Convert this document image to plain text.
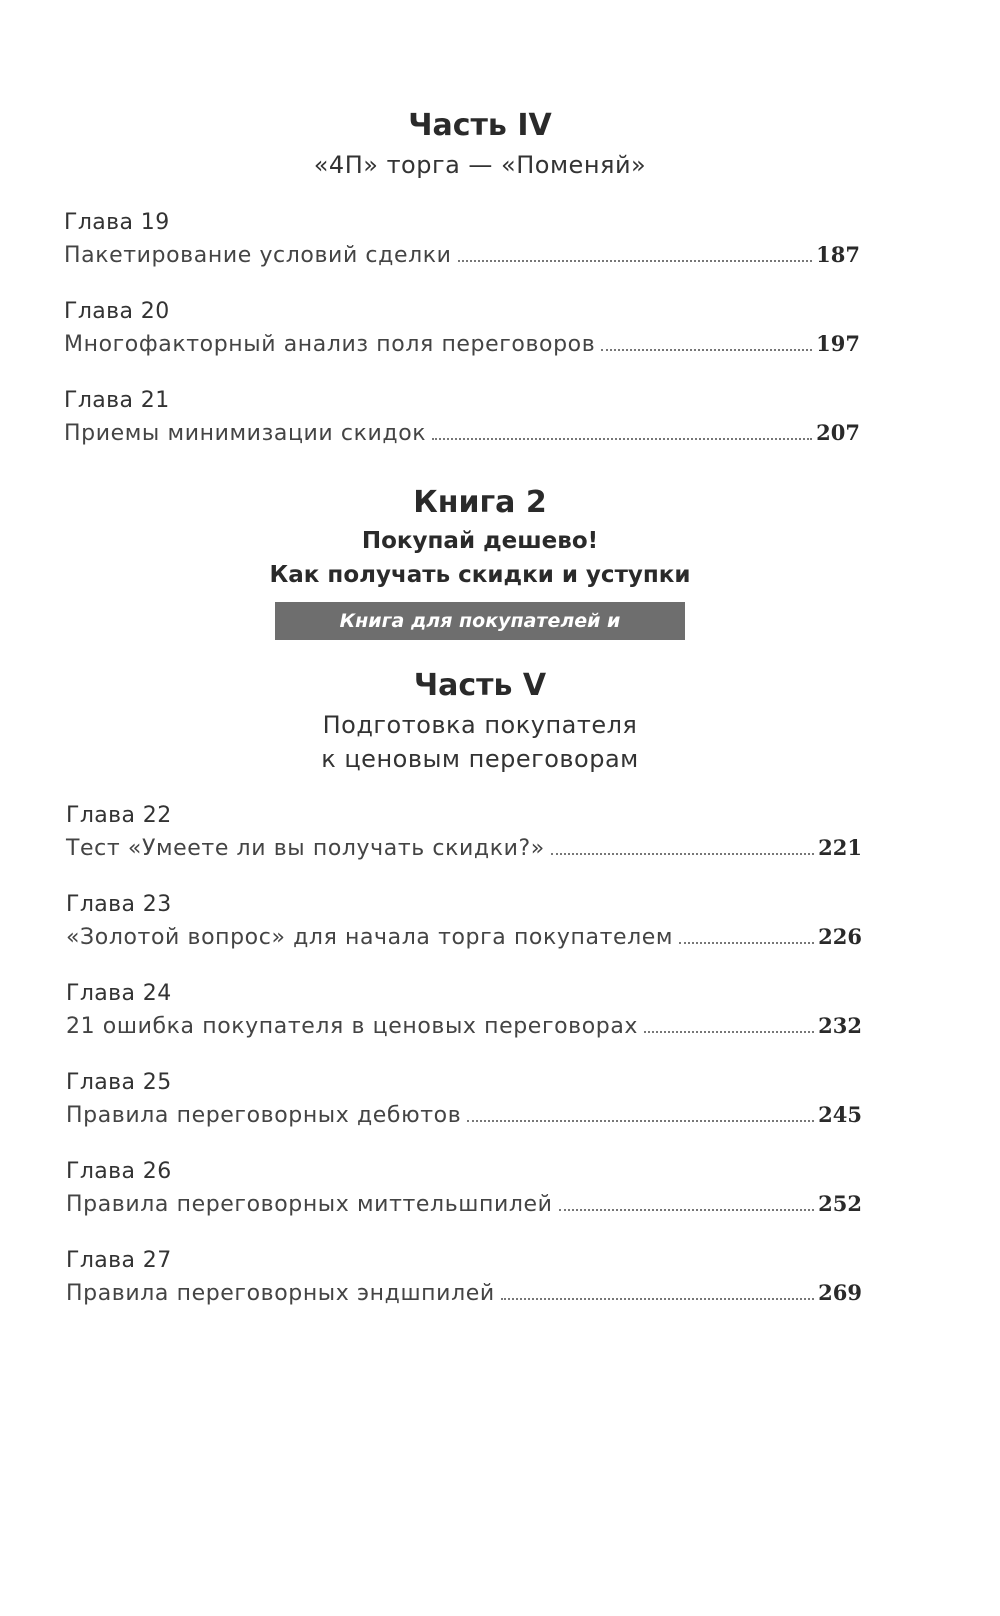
Часть IV
«4П» торга — «Поменяй»
Глава 19
Пакетирование условий сделки	187
Глава 20
Многофакторный анализ поля переговоров	197
Глава 21
Приемы минимизации скидок	207
Книга 2
Покупай дешево!
Как получать скидки и уступки
Книга для покупателей и закупщиков
Часть V
Подготовка покупателя
к ценовым переговорам
Глава 22
Тест «Умеете ли вы получать скидки?»	221
Глава 23
«Золотой вопрос» для начала торга покупателем	226
Глава 24
21 ошибка покупателя в ценовых переговорах	232
Глава 25
Правила переговорных дебютов	245
Глава 26
Правила переговорных миттельшпилей	252
Глава 27
Правила переговорных эндшпилей	269
